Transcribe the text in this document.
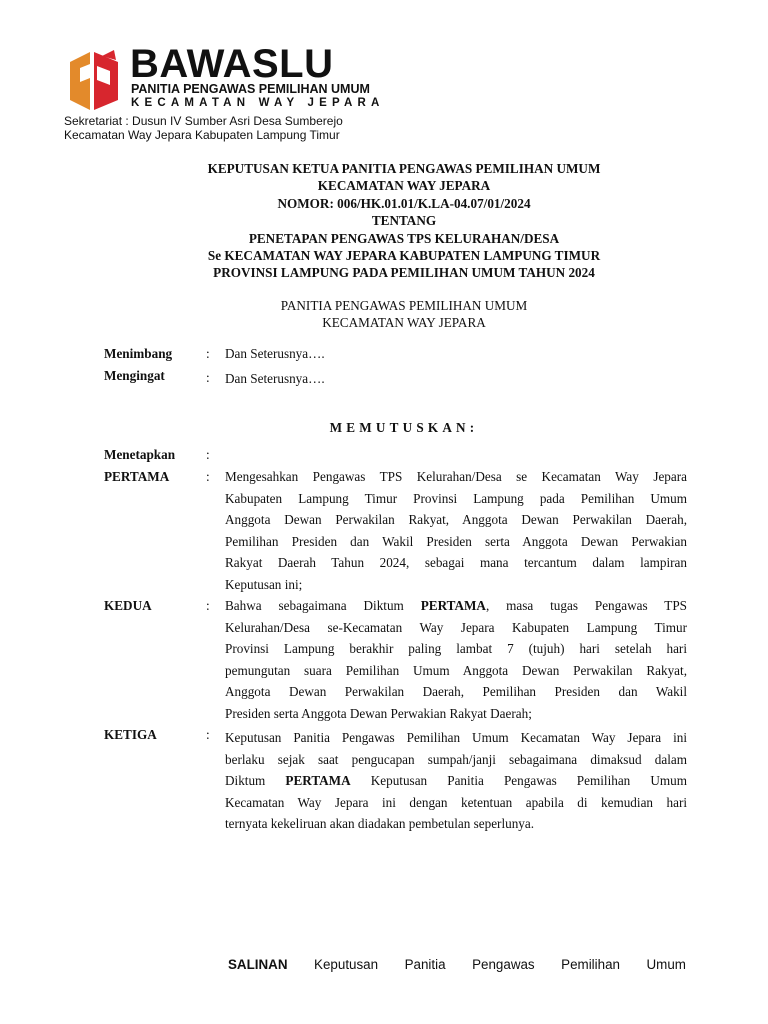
BAWASLU
PANITIA PENGAWAS PEMILIHAN UMUM
KECAMATAN WAY JEPARA
Sekretariat : Dusun IV Sumber Asri Desa Sumberejo
Kecamatan Way Jepara Kabupaten Lampung Timur
KEPUTUSAN KETUA PANITIA PENGAWAS PEMILIHAN UMUM
KECAMATAN WAY JEPARA
NOMOR: 006/HK.01.01/K.LA-04.07/01/2024
TENTANG
PENETAPAN PENGAWAS TPS KELURAHAN/DESA
Se KECAMATAN WAY JEPARA KABUPATEN LAMPUNG TIMUR
PROVINSI LAMPUNG PADA PEMILIHAN UMUM TAHUN 2024
PANITIA PENGAWAS PEMILIHAN UMUM
KECAMATAN WAY JEPARA
Menimbang	: Dan Seterusnya….
Mengingat	: Dan Seterusnya….
MEMUTUSKAN:
Menetapkan :
PERTAMA	: Mengesahkan Pengawas TPS Kelurahan/Desa se Kecamatan Way Jepara
Kabupaten Lampung Timur Provinsi Lampung pada Pemilihan Umum
Anggota Dewan Perwakilan Rakyat, Anggota Dewan Perwakilan Daerah,
Pemilihan Presiden dan Wakil Presiden serta Anggota Dewan Perwakian
Rakyat Daerah Tahun 2024, sebagai mana tercantum dalam lampiran
Keputusan ini;
KEDUA	: Bahwa sebagaimana Diktum PERTAMA, masa tugas Pengawas TPS
Kelurahan/Desa se-Kecamatan Way Jepara Kabupaten Lampung Timur
Provinsi Lampung berakhir paling lambat 7 (tujuh) hari setelah hari
pemungutan suara Pemilihan Umum Anggota Dewan Perwakilan Rakyat,
Anggota Dewan Perwakilan Daerah, Pemilihan Presiden dan Wakil
Presiden serta Anggota Dewan Perwakian Rakyat Daerah;
KETIGA	: Keputusan Panitia Pengawas Pemilihan Umum Kecamatan Way Jepara ini
berlaku sejak saat pengucapan sumpah/janji sebagaimana dimaksud dalam
Diktum PERTAMA Keputusan Panitia Pengawas Pemilihan Umum
Kecamatan Way Jepara ini dengan ketentuan apabila di kemudian hari
ternyata kekeliruan akan diadakan pembetulan seperlunya.
SALINAN Keputusan Panitia Pengawas Pemilihan Umum
